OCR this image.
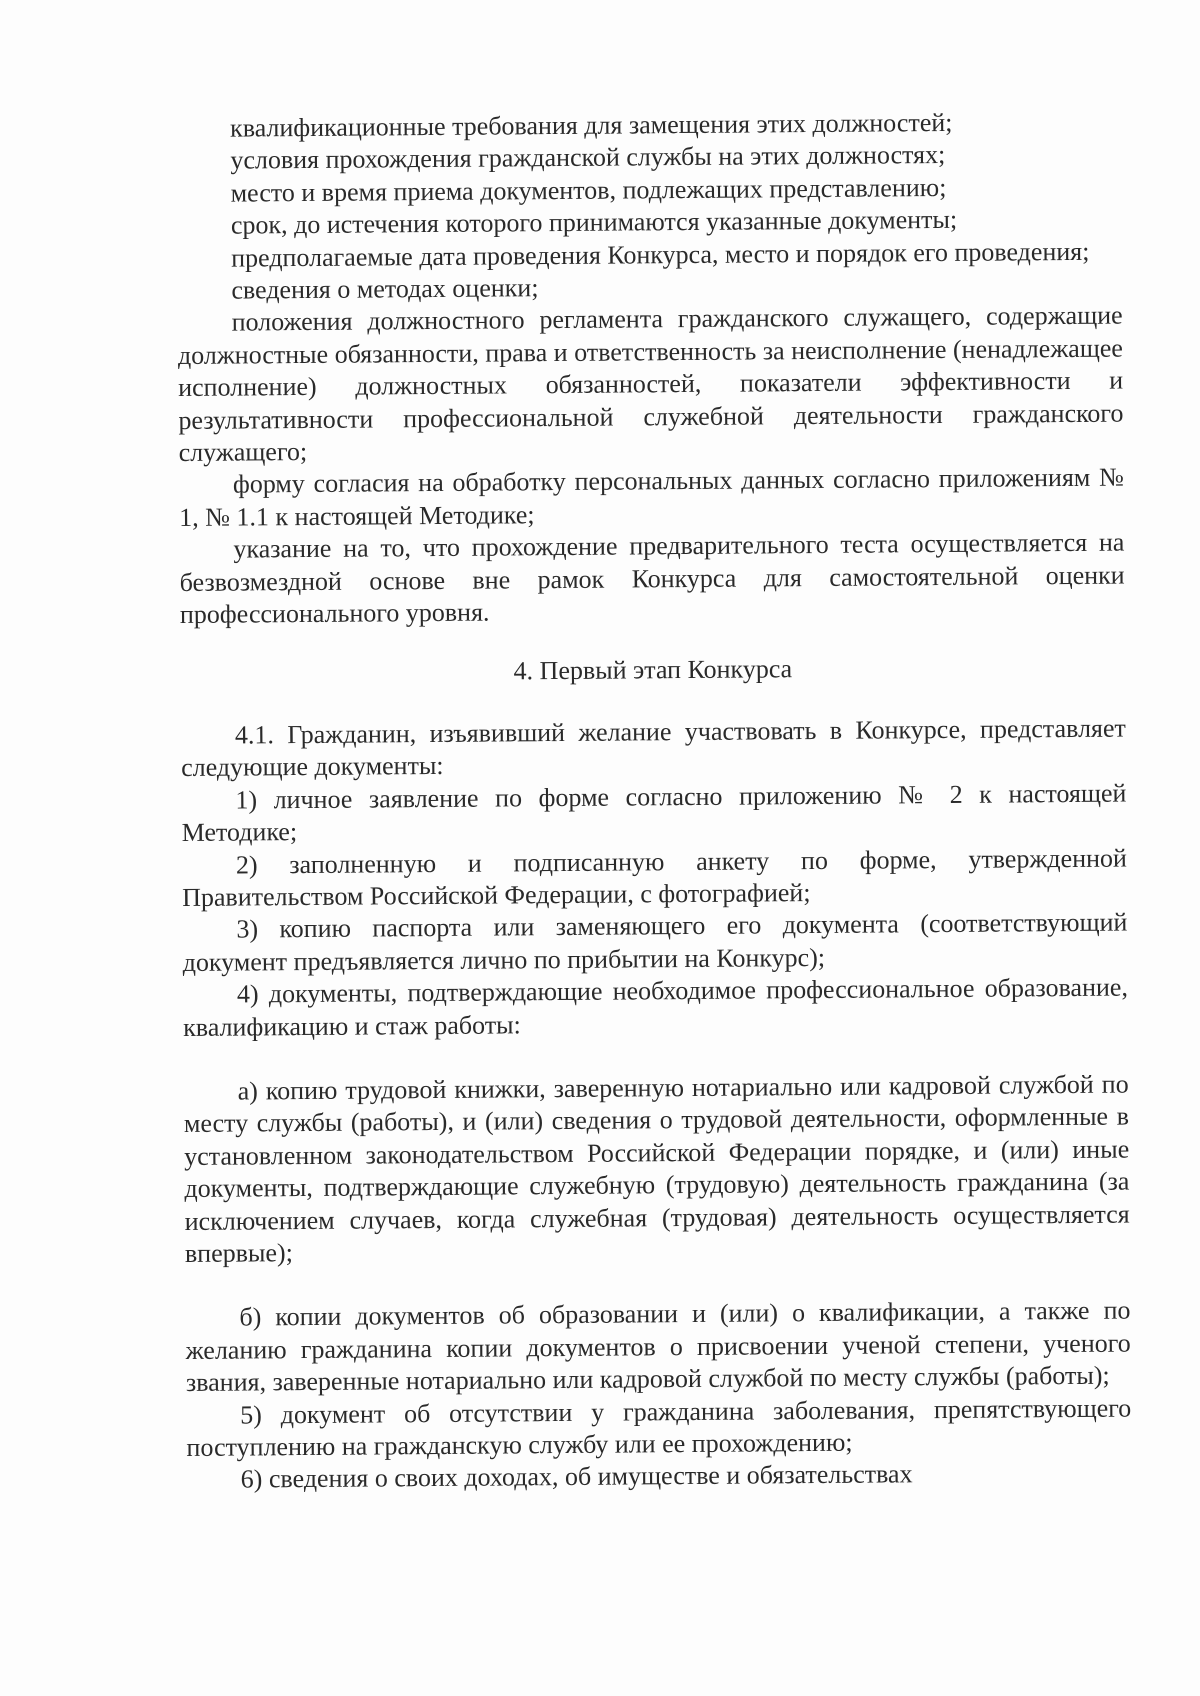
квалификационные требования для замещения этих должностей;

условия прохождения гражданской службы на этих должностях;

место и время приема документов, подлежащих представлению;

срок, до истечения которого принимаются указанные документы;

предполагаемые дата проведения Конкурса, место и порядок его проведения;

сведения о методах оценки;

положения должностного регламента гражданского служащего, содержащие должностные обязанности, права и ответственность за неисполнение (ненадлежащее исполнение) должностных обязанностей, показатели эффективности и результативности профессиональной служебной деятельности гражданского служащего;

форму согласия на обработку персональных данных согласно приложениям № 1, № 1.1 к настоящей Методике;

указание на то, что прохождение предварительного теста осуществляется на безвозмездной основе вне рамок Конкурса для самостоятельной оценки профессионального уровня.

4. Первый этап Конкурса

4.1. Гражданин, изъявивший желание участвовать в Конкурсе, представляет следующие документы:

1) личное заявление по форме согласно приложению № 2 к настоящей Методике;

2) заполненную и подписанную анкету по форме, утвержденной Правительством Российской Федерации, с фотографией;

3) копию паспорта или заменяющего его документа (соответствующий документ предъявляется лично по прибытии на Конкурс);

4) документы, подтверждающие необходимое профессиональное образование, квалификацию и стаж работы:

а) копию трудовой книжки, заверенную нотариально или кадровой службой по месту службы (работы), и (или) сведения о трудовой деятельности, оформленные в установленном законодательством Российской Федерации порядке, и (или) иные документы, подтверждающие служебную (трудовую) деятельность гражданина (за исключением случаев, когда служебная (трудовая) деятельность осуществляется впервые);

б) копии документов об образовании и (или) о квалификации, а также по желанию гражданина копии документов о присвоении ученой степени, ученого звания, заверенные нотариально или кадровой службой по месту службы (работы);

5) документ об отсутствии у гражданина заболевания, препятствующего поступлению на гражданскую службу или ее прохождению;

6) сведения о своих доходах, об имуществе и обязательствах
